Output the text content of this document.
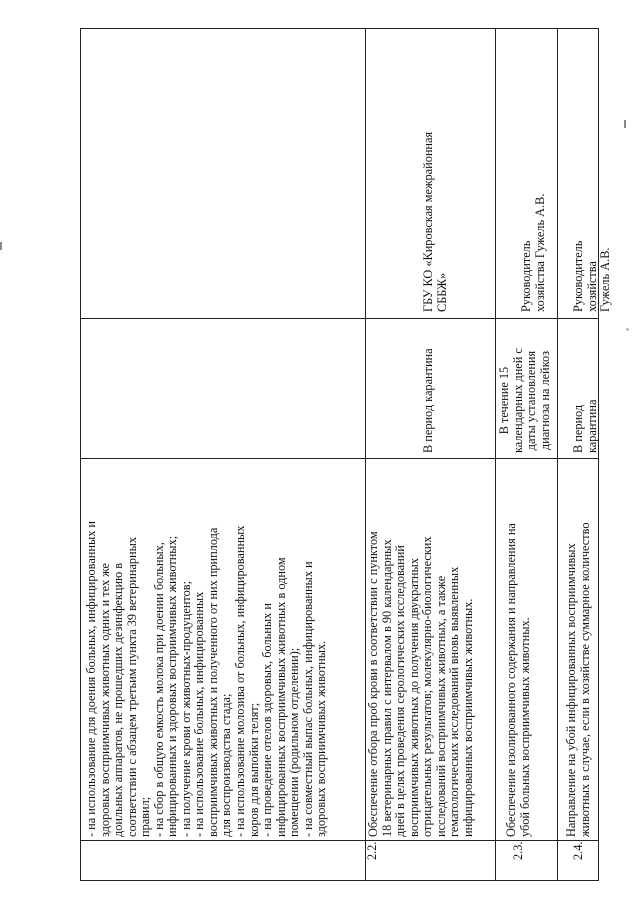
- на использование для доения больных, инфицированных и здоровых восприимчивых животных одних и тех же доильных аппаратов, не прошедших дезинфекцию в соответствии с абзацем третьим пункта 39 ветеринарных правил; - на сбор в общую емкость молока при доении больных, инфицированных и здоровых восприимчивых животных; - на получение крови от животных-продуцентов; - на использование больных, инфицированных восприимчивых животных и полученного от них приплода для воспроизводства стада; - на использование молозива от больных, инфицированных коров для выпойки телят; - на проведение отелов здоровых, больных и инфицированных восприимчивых животных в одном помещении (родильном отделении); - на совместный выпас больных, инфицированных и здоровых восприимчивых животных.

2.2.

Обеспечение отбора проб крови в соответствии с пунктом 18 ветеринарных правил с интервалом в 90 календарных дней в целях проведения серологических исследований восприимчивых животных до получения двукратных отрицательных результатов; молекулярно-биологических исследований восприимчивых животных, а также гематологических исследований вновь выявленных инфицированных восприимчивых животных.

В период карантина
ГБУ КО «Кировская межрайонная СББЖ»
2.3.

Обеспечение изолированного содержания и направления на убой больных восприимчивых животных.

В течение 15 календарных дней с даты установления диагноза на лейкоз

Руководитель хозяйства Гужель А.В.
2.4.

Направление на убой инфицированных восприимчивых животных в случае, если в хозяйстве суммарное количество

В период карантина
Руководитель хозяйства Гужель А.В.
